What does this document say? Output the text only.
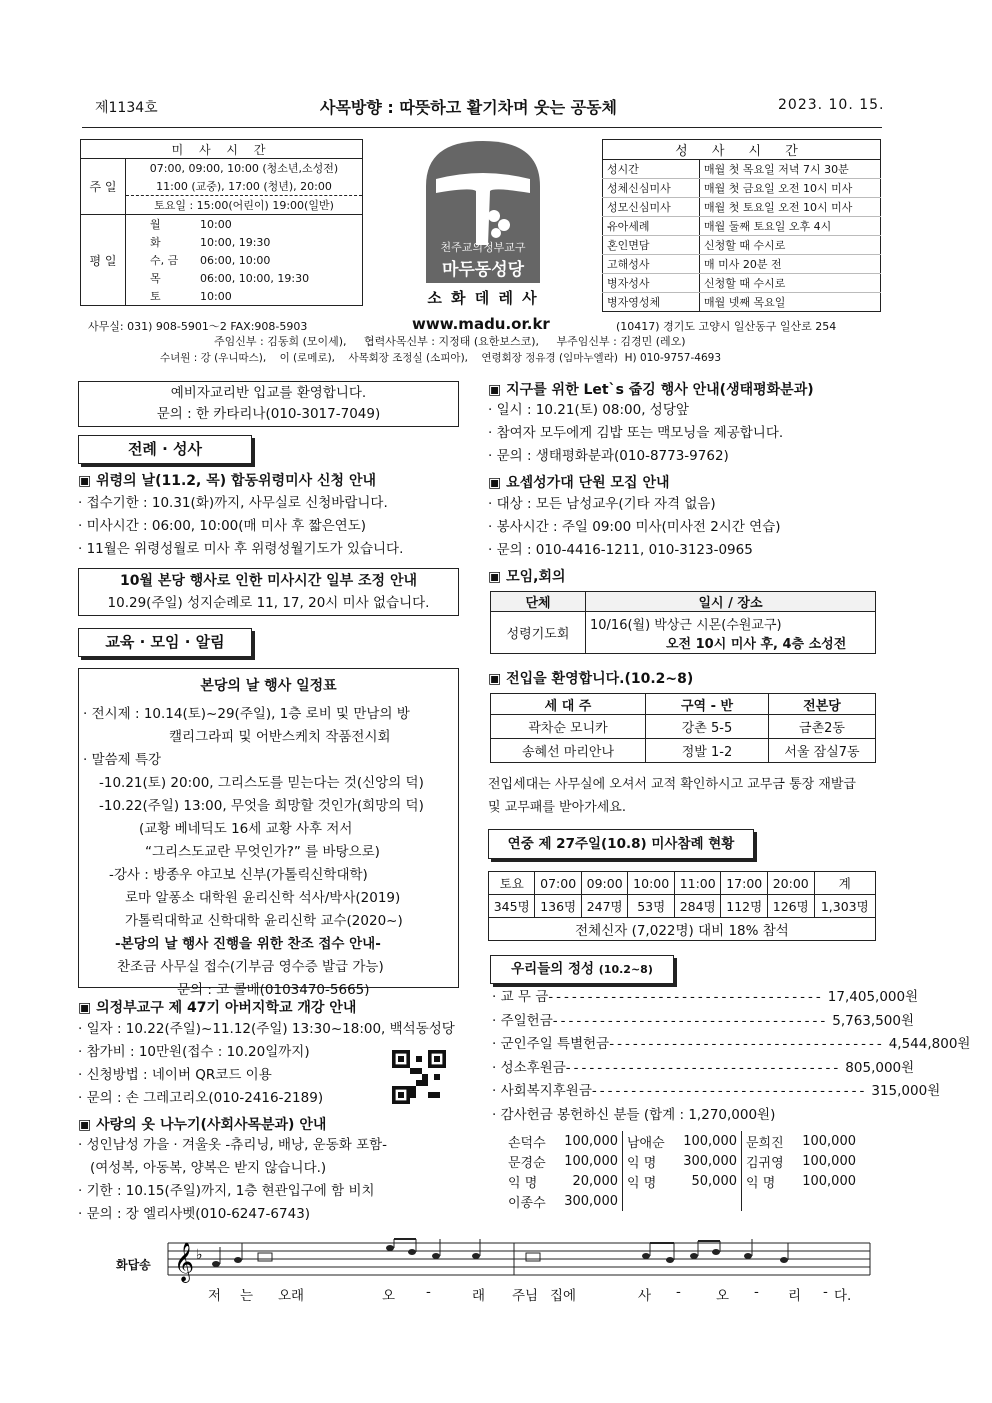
제1134호	사목방향 : 따뜻하고 활기차며 웃는 공동체	2023. 10. 15.
미 사 시 간	
주 일	07:00, 09:00, 10:00 (청소년,소성전)
	11:00 (교중), 17:00 (청년), 20:00
	토요일 : 15:00(어린이) 19:00(일반)
평 일	월 10:00
	화 10:00, 19:30
	수, 금 06:00, 10:00
	목 06:00, 10:00, 19:30
	토 10:00
천주교의정부교구
마두동성당
소 화 데 레 사
성 사 시 간	
성시간	매월 첫 목요일 저녁 7시 30분
성체신심미사	매월 첫 금요일 오전 10시 미사
성모신심미사	매월 첫 토요일 오전 10시 미사
유아세례	매월 둘째 토요일 오후 4시
혼인면담	신청할 때 수시로
고해성사	매 미사 20분 전
병자성사	신청할 때 수시로
병자영성체	매월 넷째 목요일
사무실: 031) 908-5901～2 FAX:908-5903	www.madu.or.kr	(10417) 경기도 고양시 일산동구 일산로 254
주임신부 : 김동희 (모이세),     협력사목신부 : 지정태 (요한보스코),     부주임신부 : 김경민 (레오)
수녀원 : 강 (우니따스),    이 (로메로),    사목회장 조정실 (소피아),    연령회장 정유경 (임마누엘라)  H) 010-9757-4693
예비자교리반 입교를 환영합니다.
문의 : 한 카타리나(010-3017-7049)
전례 · 성사
▣ 위령의 날(11.2, 목) 합동위령미사 신청 안내
· 접수기한 : 10.31(화)까지, 사무실로 신청바랍니다.
· 미사시간 : 06:00, 10:00(매 미사 후 짧은연도)
· 11월은 위령성월로 미사 후 위령성월기도가 있습니다.
10월 본당 행사로 인한 미사시간 일부 조정 안내
10.29(주일) 성지순례로 11, 17, 20시 미사 없습니다.
교육 · 모임 · 알림
본당의 날 행사 일정표
· 전시제 : 10.14(토)~29(주일), 1층 로비 및 만남의 방
캘리그라피 및 어반스케치 작품전시회
· 말씀제 특강
-10.21(토) 20:00, 그리스도를 믿는다는 것(신앙의 덕)
-10.22(주일) 13:00, 무엇을 희망할 것인가(희망의 덕)
(교황 베네딕도 16세 교황 사후 저서
“그리스도교란 무엇인가?” 를 바탕으로)
-강사 : 방종우 야고보 신부(가톨릭신학대학)
로마 알퐁소 대학원 윤리신학 석사/박사(2019)
가톨릭대학교 신학대학 윤리신학 교수(2020~)
-본당의 날 행사 진행을 위한 찬조 접수 안내-
찬조금 사무실 접수(기부금 영수증 발급 가능)
문의 : 고 콜베(0103470-5665)
▣ 의정부교구 제 47기 아버지학교 개강 안내
· 일자 : 10.22(주일)~11.12(주일) 13:30~18:00, 백석동성당
· 참가비 : 10만원(접수 : 10.20일까지)
· 신청방법 : 네이버 QR코드 이용
· 문의 : 손 그레고리오(010-2416-2189)
▣ 사랑의 옷 나누기(사회사목분과) 안내
· 성인남성 가을 · 겨울옷 -츄리닝, 배낭, 운동화 포함-
(여성복, 아동복, 양복은 받지 않습니다.)
· 기한 : 10.15(주일)까지, 1층 현관입구에 함 비치
· 문의 : 장 엘리사벳(010-6247-6743)
▣ 지구를 위한 Let`s 줍깅 행사 안내(생태평화분과)
· 일시 : 10.21(토) 08:00, 성당앞
· 참여자 모두에게 김밥 또는 맥모닝을 제공합니다.
· 문의 : 생태평화분과(010-8773-9762)
▣ 요셉성가대 단원 모집 안내
· 대상 : 모든 남성교우(기타 자격 없음)
· 봉사시간 : 주일 09:00 미사(미사전 2시간 연습)
· 문의 : 010-4416-1211, 010-3123-0965
▣ 모임,회의
단체	일시 / 장소
성령기도회	10/16(월) 박상근 시몬(수원교구)
오전 10시 미사 후, 4층 소성전
▣ 전입을 환영합니다.(10.2~8)
세 대 주	구역 - 반	전본당
곽차순 모니카	강촌 5-5	금촌2동
송혜선 마리안나	정발 1-2	서울 잠실7동
전입세대는 사무실에 오셔서 교적 확인하시고 교무금 통장 재발급
및 교무패를 받아가세요.
연중 제 27주일(10.8) 미사참례 현황
토요	07:00	09:00	10:00	11:00	17:00	20:00	계
345명	136명	247명	53명	284명	112명	126명	1,303명
전체신자 (7,022명) 대비 18% 참석							
우리들의 정성 (10.2~8)
· 교 무 금 ----------------------------------- 17,405,000원
· 주일헌금 ----------------------------------- 5,763,500원
· 군인주일 특별헌금 ----------------------------------- 4,544,800원
· 성소후원금 ----------------------------------- 805,000원
· 사회복지후원금 ----------------------------------- 315,000원
· 감사헌금 봉헌하신 분들 (합계 : 1,270,000원)
손덕수	100,000	남애순	100,000	문희진	100,000
문경순	100,000	익 명	300,000	김귀영	100,000
익 명	20,000	익 명	50,000	익 명	100,000
이종수	300,000				
화답송 𝄞 ♭
저 는 오래	오 -	래 주님 집에	사 -	오 - 리 - 다.
